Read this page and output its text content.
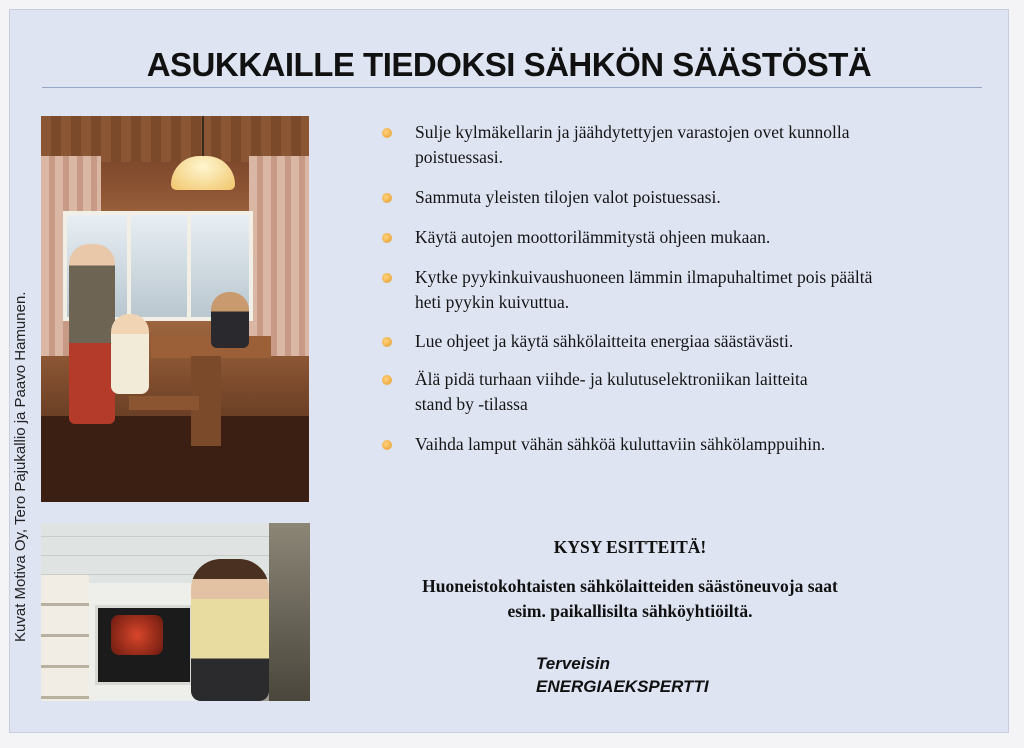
ASUKKAILLE TIEDOKSI SÄHKÖN SÄÄSTÖSTÄ
Kuvat Motiva Oy, Tero Pajukallio ja Paavo Hamunen.
Sulje kylmäkellarin ja jäähdytettyjen varastojen ovet kunnolla
poistuessasi.
Sammuta yleisten tilojen valot poistuessasi.
Käytä autojen moottorilämmitystä ohjeen mukaan.
Kytke pyykinkuivaushuoneen lämmin ilmapuhaltimet pois päältä
heti pyykin kuivuttua.
Lue ohjeet ja käytä sähkölaitteita energiaa säästävästi.
Älä pidä turhaan viihde- ja kulutuselektroniikan laitteita
stand by -tilassa
Vaihda lamput vähän sähköä kuluttaviin sähkölamppuihin.
KYSY ESITTEITÄ!
Huoneistokohtaisten sähkölaitteiden säästöneuvoja saat
esim. paikallisilta sähköyhtiöiltä.
Terveisin
ENERGIAEKSPERTTI
